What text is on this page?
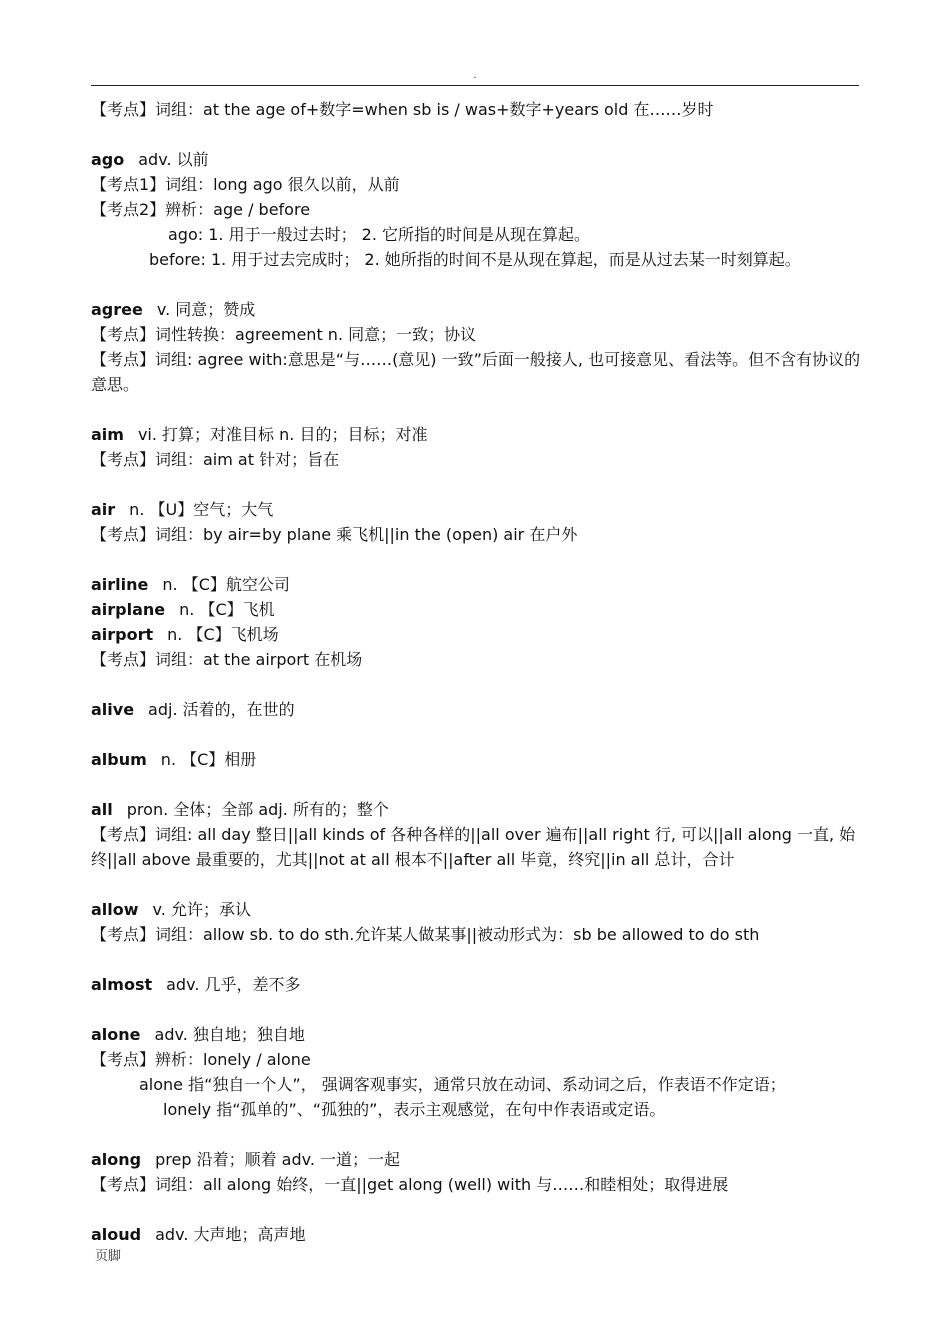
.
【考点】词组：at the age of+数字=when sb is / was+数字+years old 在……岁时
ago adv. 以前
【考点1】词组：long ago 很久以前，从前
【考点2】辨析：age / before
ago: 1. 用于一般过去时； 2. 它所指的时间是从现在算起。
before: 1. 用于过去完成时； 2. 她所指的时间不是从现在算起，而是从过去某一时刻算起。
agree v. 同意；赞成
【考点】词性转换：agreement n. 同意；一致；协议
【考点】词组: agree with:意思是“与……(意见) 一致”后面一般接人, 也可接意见、看法等。但不含有协议的意思。
aim vi. 打算；对准目标 n. 目的；目标；对准
【考点】词组：aim at 针对；旨在
air n. 【U】空气；大气
【考点】词组：by air=by plane 乘飞机||in the (open) air 在户外
airline n. 【C】航空公司
airplane n. 【C】飞机
airport n. 【C】飞机场
【考点】词组：at the airport 在机场
alive adj. 活着的，在世的
album n. 【C】相册
all pron. 全体；全部 adj. 所有的；整个
【考点】词组: all day 整日||all kinds of 各种各样的||all over 遍布||all right 行, 可以||all along 一直, 始终||all above 最重要的，尤其||not at all 根本不||after all 毕竟，终究||in all 总计，合计
allow v. 允许；承认
【考点】词组：allow sb. to do sth.允许某人做某事||被动形式为：sb be allowed to do sth
almost adv. 几乎，差不多
alone adv. 独自地；独自地
【考点】辨析：lonely / alone
alone 指“独自一个人”， 强调客观事实，通常只放在动词、系动词之后，作表语不作定语；
lonely 指“孤单的”、“孤独的”，表示主观感觉，在句中作表语或定语。
along prep 沿着；顺着 adv. 一道；一起
【考点】词组：all along 始终，一直||get along (well) with 与……和睦相处；取得进展
aloud adv. 大声地；高声地
页脚
